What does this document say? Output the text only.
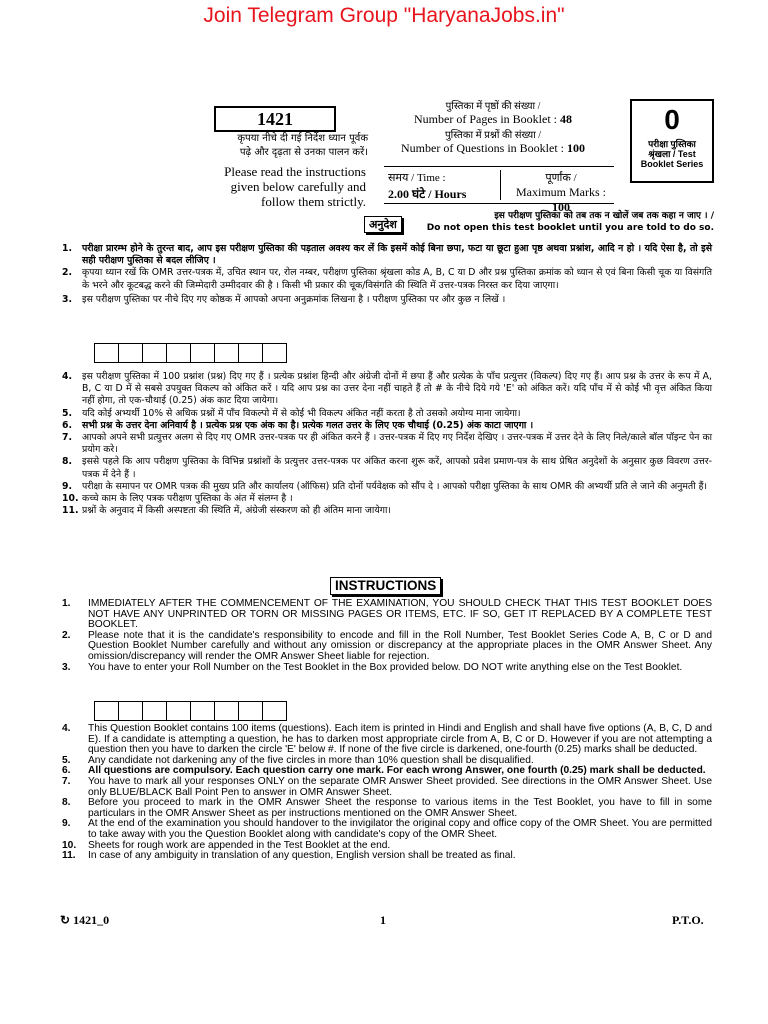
Join Telegram Group "HaryanaJobs.in"
1421
कृपया नीचे दी गई निर्देश ध्यान पूर्वक
पढ़े और दृढ़ता से उनका पालन करें।
Please read the instructions
given below carefully and
follow them strictly.
पुस्तिका में पृष्ठों की संख्या /
Number of Pages in Booklet : 48
पुस्तिका में प्रश्नों की संख्या /
Number of Questions in Booklet : 100
समय / Time :
2.00 घंटे / Hours
पूर्णांक /
Maximum Marks : 100
0
परीक्षा पुस्तिका
श्रृंखला / Test
Booklet Series
अनुदेश
इस परीक्षण पुस्तिका को तब तक न खोलें जब तक कहा न जाए । /
Do not open this test booklet until you are told to do so.
1.	परीक्षा प्रारम्भ होने के तुरन्त बाद, आप इस परीक्षण पुस्तिका की पड़ताल अवश्य कर लें कि इसमें कोई बिना छपा, फटा या छूटा हुआ पृष्ठ अथवा प्रश्नांश, आदि न हो । यदि ऐसा है, तो इसे सही परीक्षण पुस्तिका से बदल लीजिए ।
2.	कृपया ध्यान रखें कि OMR उत्तर-पत्रक में, उचित स्थान पर, रोल नम्बर, परीक्षण पुस्तिका श्रृंखला कोड A, B, C या D और प्रश्न पुस्तिका क्रमांक को ध्यान से एवं बिना किसी चूक या विसंगति के भरने और कूटबद्ध करने की जिम्मेदारी उम्मीदवार की है । किसी भी प्रकार की चूक/विसंगति की स्थिति में उत्तर-पत्रक निरस्त कर दिया जाएगा।
3.	इस परीक्षण पुस्तिका पर नीचे दिए गए कोष्ठक में आपको अपना अनुक्रमांक लिखना है । परीक्षण पुस्तिका पर और कुछ न लिखें ।
4.	इस परीक्षण पुस्तिका में 100 प्रश्नांश (प्रश्न) दिए गए हैं । प्रत्येक प्रश्नांश हिन्दी और अंग्रेजी दोनों में छपा हैं और प्रत्येक के पाँच प्रत्युत्तर (विकल्प) दिए गए हैं। आप प्रश्न के उत्तर के रूप में A, B, C या D में से सबसे उपयुक्त विकल्प को अंकित करें । यदि आप प्रश्न का उत्तर देना नहीं चाहते हैं तो # के नीचे दिये गये 'E' को अंकित करें। यदि पाँच में से कोई भी वृत्त अंकित किया नहीं होगा, तो एक-चौथाई (0.25) अंक काट दिया जायेगा।
5.	यदि कोई अभ्यर्थी 10% से अधिक प्रश्नों में पाँच विकल्पो में से कोई भी विकल्प अंकित नहीं करता है तो उसको अयोग्य माना जायेगा।
6.	सभी प्रश्न के उत्तर देना अनिवार्य है । प्रत्येक प्रश्न एक अंक का है। प्रत्येक गलत उत्तर के लिए एक चौथाई (0.25) अंक काटा जाएगा ।
7.	आपको अपने सभी प्रत्युत्तर अलग से दिए गए OMR उत्तर-पत्रक पर ही अंकित करने हैं । उत्तर-पत्रक में दिए गए निर्देश देखिए । उत्तर-पत्रक में उत्तर देने के लिए निले/काले बॉल पॉइन्ट पेन का प्रयोग करे।
8.	इससे पहले कि आप परीक्षण पुस्तिका के विभिन्न प्रश्नांशों के प्रत्युत्तर उत्तर-पत्रक पर अंकित करना शुरू करें, आपको प्रवेश प्रमाण-पत्र के साथ प्रेषित अनुदेशों के अनुसार कुछ विवरण उत्तर-पत्रक में देने हैं ।
9.	परीक्षा के समापन पर OMR पत्रक की मुख्य प्रति और कार्यालय (ऑफिस) प्रति दोनों पर्यवेक्षक को सौंप दे । आपको परीक्षा पुस्तिका के साथ OMR की अभ्यर्थी प्रति ले जाने की अनुमती हैं।
10. कच्चे काम के लिए पत्रक परीक्षण पुस्तिका के अंत में संलग्न है ।
11. प्रश्नों के अनुवाद में किसी अस्पष्टता की स्थिति में, अंग्रेजी संस्करण को ही अंतिम माना जायेगा।
INSTRUCTIONS
1.	IMMEDIATELY AFTER THE COMMENCEMENT OF THE EXAMINATION, YOU SHOULD CHECK THAT THIS TEST BOOKLET DOES NOT HAVE ANY UNPRINTED OR TORN OR MISSING PAGES OR ITEMS, ETC. IF SO, GET IT REPLACED BY A COMPLETE TEST BOOKLET.
2.	Please note that it is the candidate's responsibility to encode and fill in the Roll Number, Test Booklet Series Code A, B, C or D and Question Booklet Number carefully and without any omission or discrepancy at the appropriate places in the OMR Answer Sheet. Any omission/discrepancy will render the OMR Answer Sheet liable for rejection.
3.	You have to enter your Roll Number on the Test Booklet in the Box provided below. DO NOT write anything else on the Test Booklet.
4.	This Question Booklet contains 100 items (questions). Each item is printed in Hindi and English and shall have five options (A, B, C, D and E). If a candidate is attempting a question, he has to darken most appropriate circle from A, B, C or D. However if you are not attempting a question then you have to darken the circle 'E' below #. If none of the five circle is darkened, one-fourth (0.25) marks shall be deducted.
5.	Any candidate not darkening any of the five circles in more than 10% question shall be disqualified.
6.	All questions are compulsory. Each question carry one mark. For each wrong Answer, one fourth (0.25) mark shall be deducted.
7.	You have to mark all your responses ONLY on the separate OMR Answer Sheet provided. See directions in the OMR Answer Sheet. Use only BLUE/BLACK Ball Point Pen to answer in OMR Answer Sheet.
8.	Before you proceed to mark in the OMR Answer Sheet the response to various items in the Test Booklet, you have to fill in some particulars in the OMR Answer Sheet as per instructions mentioned on the OMR Answer Sheet.
9.	At the end of the examination you should handover to the invigilator the original copy and office copy of the OMR Sheet. You are permitted to take away with you the Question Booklet along with candidate's copy of the OMR Sheet.
10.	Sheets for rough work are appended in the Test Booklet at the end.
11.	In case of any ambiguity in translation of any question, English version shall be treated as final.
↻ 1421_0	1	P.T.O.
